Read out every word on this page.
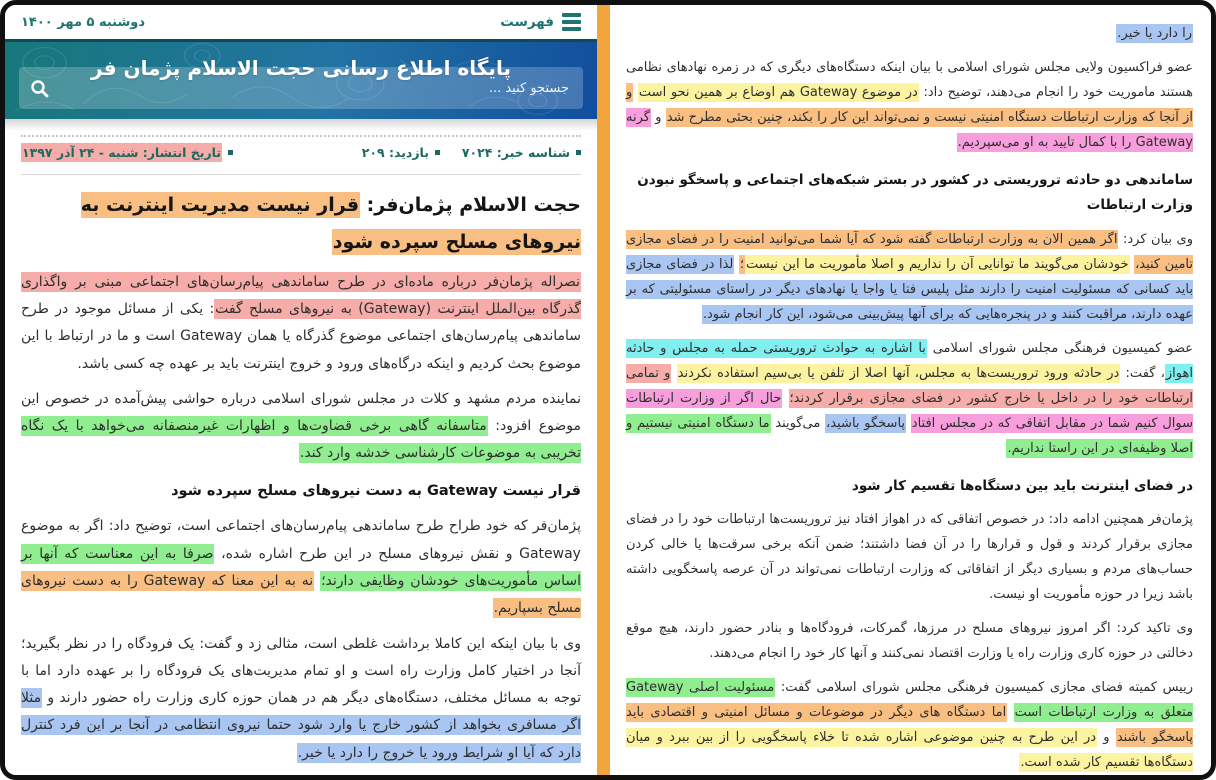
را دارد یا خیر.
عضو فراکسیون ولایی مجلس شورای اسلامی با بیان اینکه دستگاه‌های دیگری که در زمره نهادهای نظامی هستند ماموریت خود را انجام می‌دهند، توضیح داد: در موضوع Gateway هم اوضاع بر همین نحو است و از آنجا که وزارت ارتباطات دستگاه امنیتی نیست و نمی‌تواند این کار را بکند، چنین بحثی مطرح شد و گرنه Gateway را با کمال تایید به او می‌سپردیم.
ساماندهی دو حادثه تروریستی در کشور در بستر شبکه‌های اجتماعی و پاسخگو نبودن وزارت ارتباطات
وی بیان کرد: اگر همین الان به وزارت ارتباطات گفته شود که آیا شما می‌توانید امنیت را در فضای مجازی تامین کنید، خودشان می‌گویند ما توانایی آن را نداریم و اصلا مأموریت ما این نیست؛ لذا در فضای مجازی باید کسانی که مسئولیت امنیت را دارند مثل پلیس فتا یا واجا یا نهادهای دیگر در راستای مسئولیتی که بر عهده دارند، مراقبت کنند و در پنجره‌هایی که برای آنها پیش‌بینی می‌شود، این کار انجام شود.
عضو کمیسیون فرهنگی مجلس شورای اسلامی با اشاره به حوادث تروریستی حمله به مجلس و حادثه اهواز، گفت: در حادثه ورود تروریست‌ها به مجلس، آنها اصلا از تلفن یا بی‌سیم استفاده نکردند و تمامی ارتباطات خود را در داخل یا خارج کشور در فضای مجازی برقرار کردند؛ حال اگر از وزارت ارتباطات سوال کنیم شما در مقابل اتفاقی که در مجلس افتاد پاسخگو باشید، می‌گویند ما دستگاه امنیتی نیستیم و اصلا وظیفه‌ای در این راستا نداریم.
در فضای اینترنت باید بین دستگاه‌ها تقسیم کار شود
پژمان‌فر همچنین ادامه داد: در خصوص اتفاقی که در اهواز افتاد نیز تروریست‌ها ارتباطات خود را در فضای مجازی برقرار کردند و قول و قرارها را در آن فضا داشتند؛ ضمن آنکه برخی سرقت‌ها یا خالی کردن حساب‌های مردم و بسیاری دیگر از اتفاقاتی که وزارت ارتباطات نمی‌تواند در آن عرصه پاسخگویی داشته باشد زیرا در حوزه مأموریت او نیست.
وی تاکید کرد: اگر امروز نیروهای مسلح در مرزها، گمرکات، فرودگاه‌ها و بنادر حضور دارند، هیچ موقع دخالتی در حوزه کاری وزارت راه یا وزارت اقتصاد نمی‌کنند و آنها کار خود را انجام می‌دهند.
رییس کمیته فضای مجازی کمیسیون فرهنگی مجلس شورای اسلامی گفت: مسئولیت اصلی Gateway متعلق به وزارت ارتباطات است اما دستگاه های دیگر در موضوعات و مسائل امنیتی و اقتصادی باید پاسخگو باشند و در این طرح به چنین موضوعی اشاره شده تا خلاء پاسخگویی را از بین ببرد و میان دستگاه‌ها تقسیم کار شده است.
فهرست
دوشنبه ۵ مهر ۱۴۰۰
پایگاه اطلاع رسانی حجت الاسلام پژمان فر
جستجو کنید ...
شناسه خبر: ۷۰۲۴
بازدید: ۲۰۹
تاریخ انتشار: شنبه - ۲۴ آذر ۱۳۹۷
حجت الاسلام پژمان‌فر: قرار نیست مدیریت اینترنت به نیروهای مسلح سپرده شود
نصراله پژمان‌فر درباره ماده‌ای در طرح ساماندهی پیام‌رسان‌های اجتماعی مبنی بر واگذاری گذرگاه بین‌الملل اینترنت (Gateway) به نیروهای مسلح گفت: یکی از مسائل موجود در طرح ساماندهی پیام‌رسان‌های اجتماعی موضوع گذرگاه یا همان Gateway است و ما در ارتباط با این موضوع بحث کردیم و اینکه درگاه‌های ورود و خروج اینترنت باید بر عهده چه کسی باشد.
نماینده مردم مشهد و کلات در مجلس شورای اسلامی درباره حواشی پیش‌آمده در خصوص این موضوع افزود: متاسفانه گاهی برخی قضاوت‌ها و اظهارات غیرمنصفانه می‌خواهد با یک نگاه تخریبی به موضوعات کارشناسی خدشه وارد کند.
قرار نیست Gateway به دست نیروهای مسلح سپرده شود
پژمان‌فر که خود طراح طرح ساماندهی پیام‌رسان‌های اجتماعی است، توضیح داد: اگر به موضوع Gateway و نقش نیروهای مسلح در این طرح اشاره شده، صرفا به این معناست که آنها بر اساس مأموریت‌های خودشان وظایفی دارند؛ نه به این معنا که Gateway را به دست نیروهای مسلح بسپاریم.
وی با بیان اینکه این کاملا برداشت غلطی است، مثالی زد و گفت: یک فرودگاه را در نظر بگیرید؛ آنجا در اختیار کامل وزارت راه است و او تمام مدیریت‌های یک فرودگاه را بر عهده دارد اما با توجه به مسائل مختلف، دستگاه‌های دیگر هم در همان حوزه کاری وزارت راه حضور دارند و مثلا اگر مسافری بخواهد از کشور خارج یا وارد شود حتما نیروی انتظامی در آنجا بر این فرد کنترل دارد که آیا او شرایط ورود یا خروج را دارد یا خیر.
